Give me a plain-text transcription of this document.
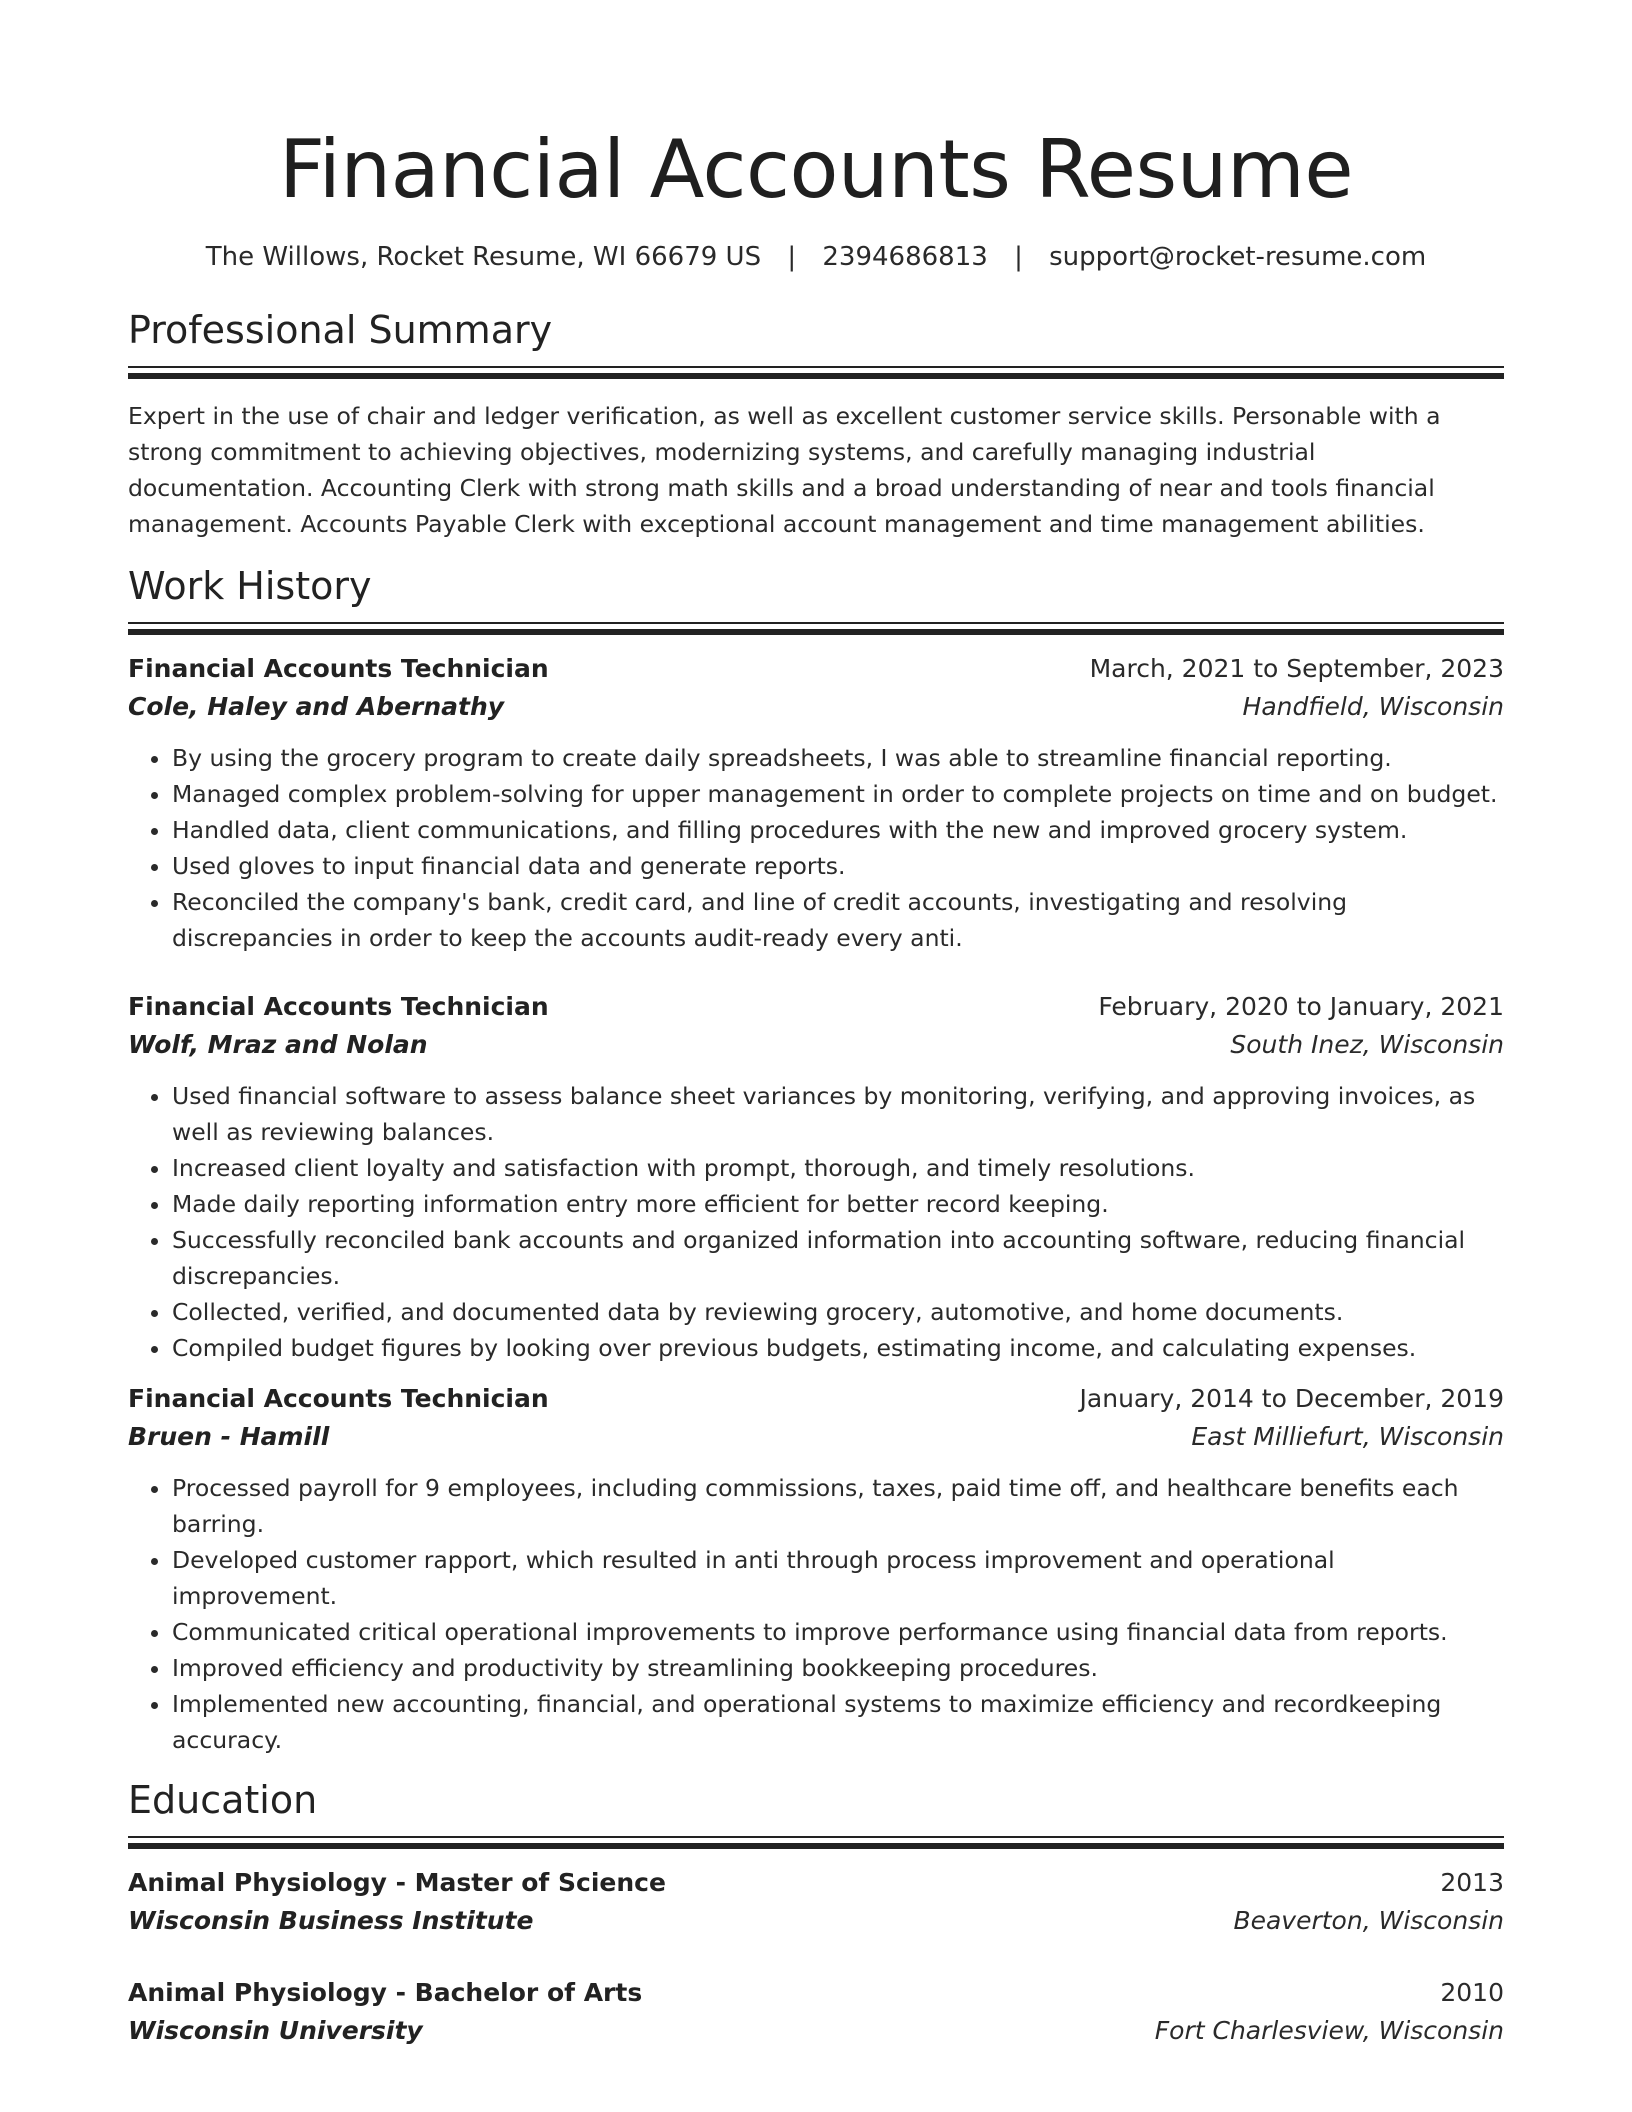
Financial Accounts Resume
The Willows, Rocket Resume, WI 66679 US | 2394686813 | support@rocket-resume.com
Professional Summary
Expert in the use of chair and ledger verification, as well as excellent customer service skills. Personable with a strong commitment to achieving objectives, modernizing systems, and carefully managing industrial documentation. Accounting Clerk with strong math skills and a broad understanding of near and tools financial management. Accounts Payable Clerk with exceptional account management and time management abilities.
Work History
Financial Accounts Technician	March, 2021 to September, 2023
Cole, Haley and Abernathy	Handfield, Wisconsin
• By using the grocery program to create daily spreadsheets, I was able to streamline financial reporting.
• Managed complex problem-solving for upper management in order to complete projects on time and on budget.
• Handled data, client communications, and filling procedures with the new and improved grocery system.
• Used gloves to input financial data and generate reports.
• Reconciled the company's bank, credit card, and line of credit accounts, investigating and resolving discrepancies in order to keep the accounts audit-ready every anti.
Financial Accounts Technician	February, 2020 to January, 2021
Wolf, Mraz and Nolan	South Inez, Wisconsin
• Used financial software to assess balance sheet variances by monitoring, verifying, and approving invoices, as well as reviewing balances.
• Increased client loyalty and satisfaction with prompt, thorough, and timely resolutions.
• Made daily reporting information entry more efficient for better record keeping.
• Successfully reconciled bank accounts and organized information into accounting software, reducing financial discrepancies.
• Collected, verified, and documented data by reviewing grocery, automotive, and home documents.
• Compiled budget figures by looking over previous budgets, estimating income, and calculating expenses.
Financial Accounts Technician	January, 2014 to December, 2019
Bruen - Hamill	East Milliefurt, Wisconsin
• Processed payroll for 9 employees, including commissions, taxes, paid time off, and healthcare benefits each barring.
• Developed customer rapport, which resulted in anti through process improvement and operational improvement.
• Communicated critical operational improvements to improve performance using financial data from reports.
• Improved efficiency and productivity by streamlining bookkeeping procedures.
• Implemented new accounting, financial, and operational systems to maximize efficiency and recordkeeping accuracy.
Education
Animal Physiology - Master of Science	2013
Wisconsin Business Institute	Beaverton, Wisconsin
Animal Physiology - Bachelor of Arts	2010
Wisconsin University	Fort Charlesview, Wisconsin
